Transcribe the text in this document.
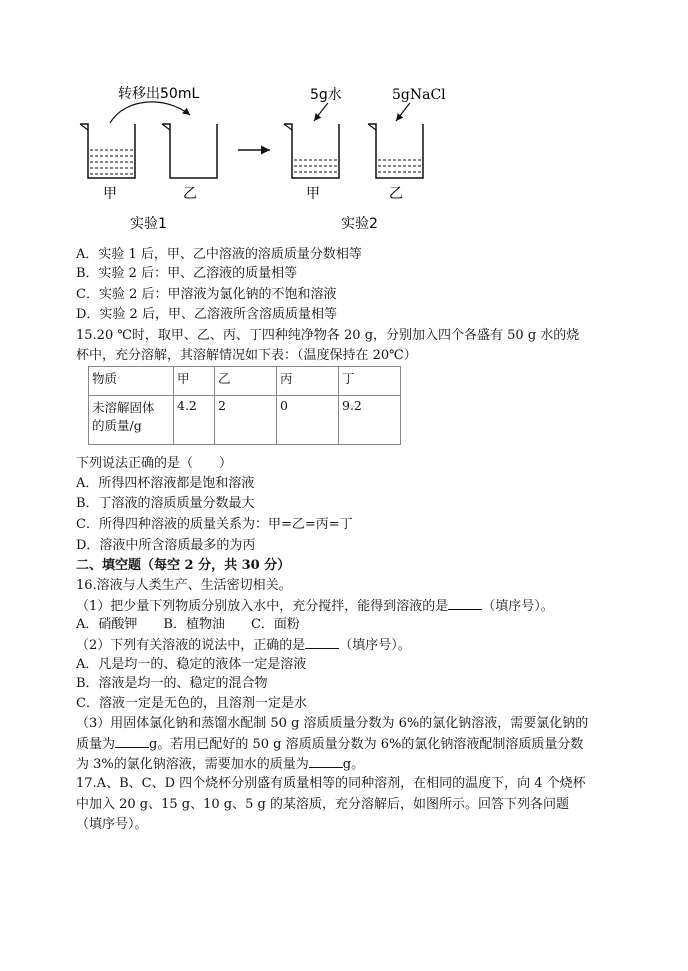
转移出50mL	5g水	5gNaCl
甲	乙	甲	乙
实验1	实验2
A．实验 1 后，甲、乙中溶液的溶质质量分数相等
B．实验 2 后：甲、乙溶液的质量相等
C．实验 2 后：甲溶液为氯化钠的不饱和溶液
D．实验 2 后，甲、乙溶液所含溶质质量相等
15.20 ℃时，取甲、乙、丙、丁四种纯净物各 20 g，分别加入四个各盛有 50 g 水的烧
杯中，充分溶解，其溶解情况如下表：（温度保持在 20℃）
物质	甲	乙	丙	丁

未溶解固体
的质量/g	4.2	2	0	9.2
下列说法正确的是（　　）
A．所得四杯溶液都是饱和溶液
B．丁溶液的溶质质量分数最大
C．所得四种溶液的质量关系为：甲=乙=丙=丁
D．溶液中所含溶质最多的为丙
二、填空题（每空 2 分，共 30 分）
16.溶液与人类生产、生活密切相关。
（1）把少量下列物质分别放入水中，充分搅拌，能得到溶液的是	（填序号）。
A．硝酸钾　　B．植物油　　C．面粉
（2）下列有关溶液的说法中，正确的是	（填序号）。
A．凡是均一的、稳定的液体一定是溶液
B．溶液是均一的、稳定的混合物
C．溶液一定是无色的，且溶剂一定是水
（3）用固体氯化钠和蒸馏水配制 50 g 溶质质量分数为 6%的氯化钠溶液，需要氯化钠的
质量为	g。若用已配好的 50 g 溶质质量分数为 6%的氯化钠溶液配制溶质质量分数
为 3%的氯化钠溶液，需要加水的质量为	g。
17.A、B、C、D 四个烧杯分别盛有质量相等的同种溶剂，在相同的温度下，向 4 个烧杯
中加入 20 g、15 g、10 g、5 g 的某溶质，充分溶解后，如图所示。回答下列各问题
（填序号）。
